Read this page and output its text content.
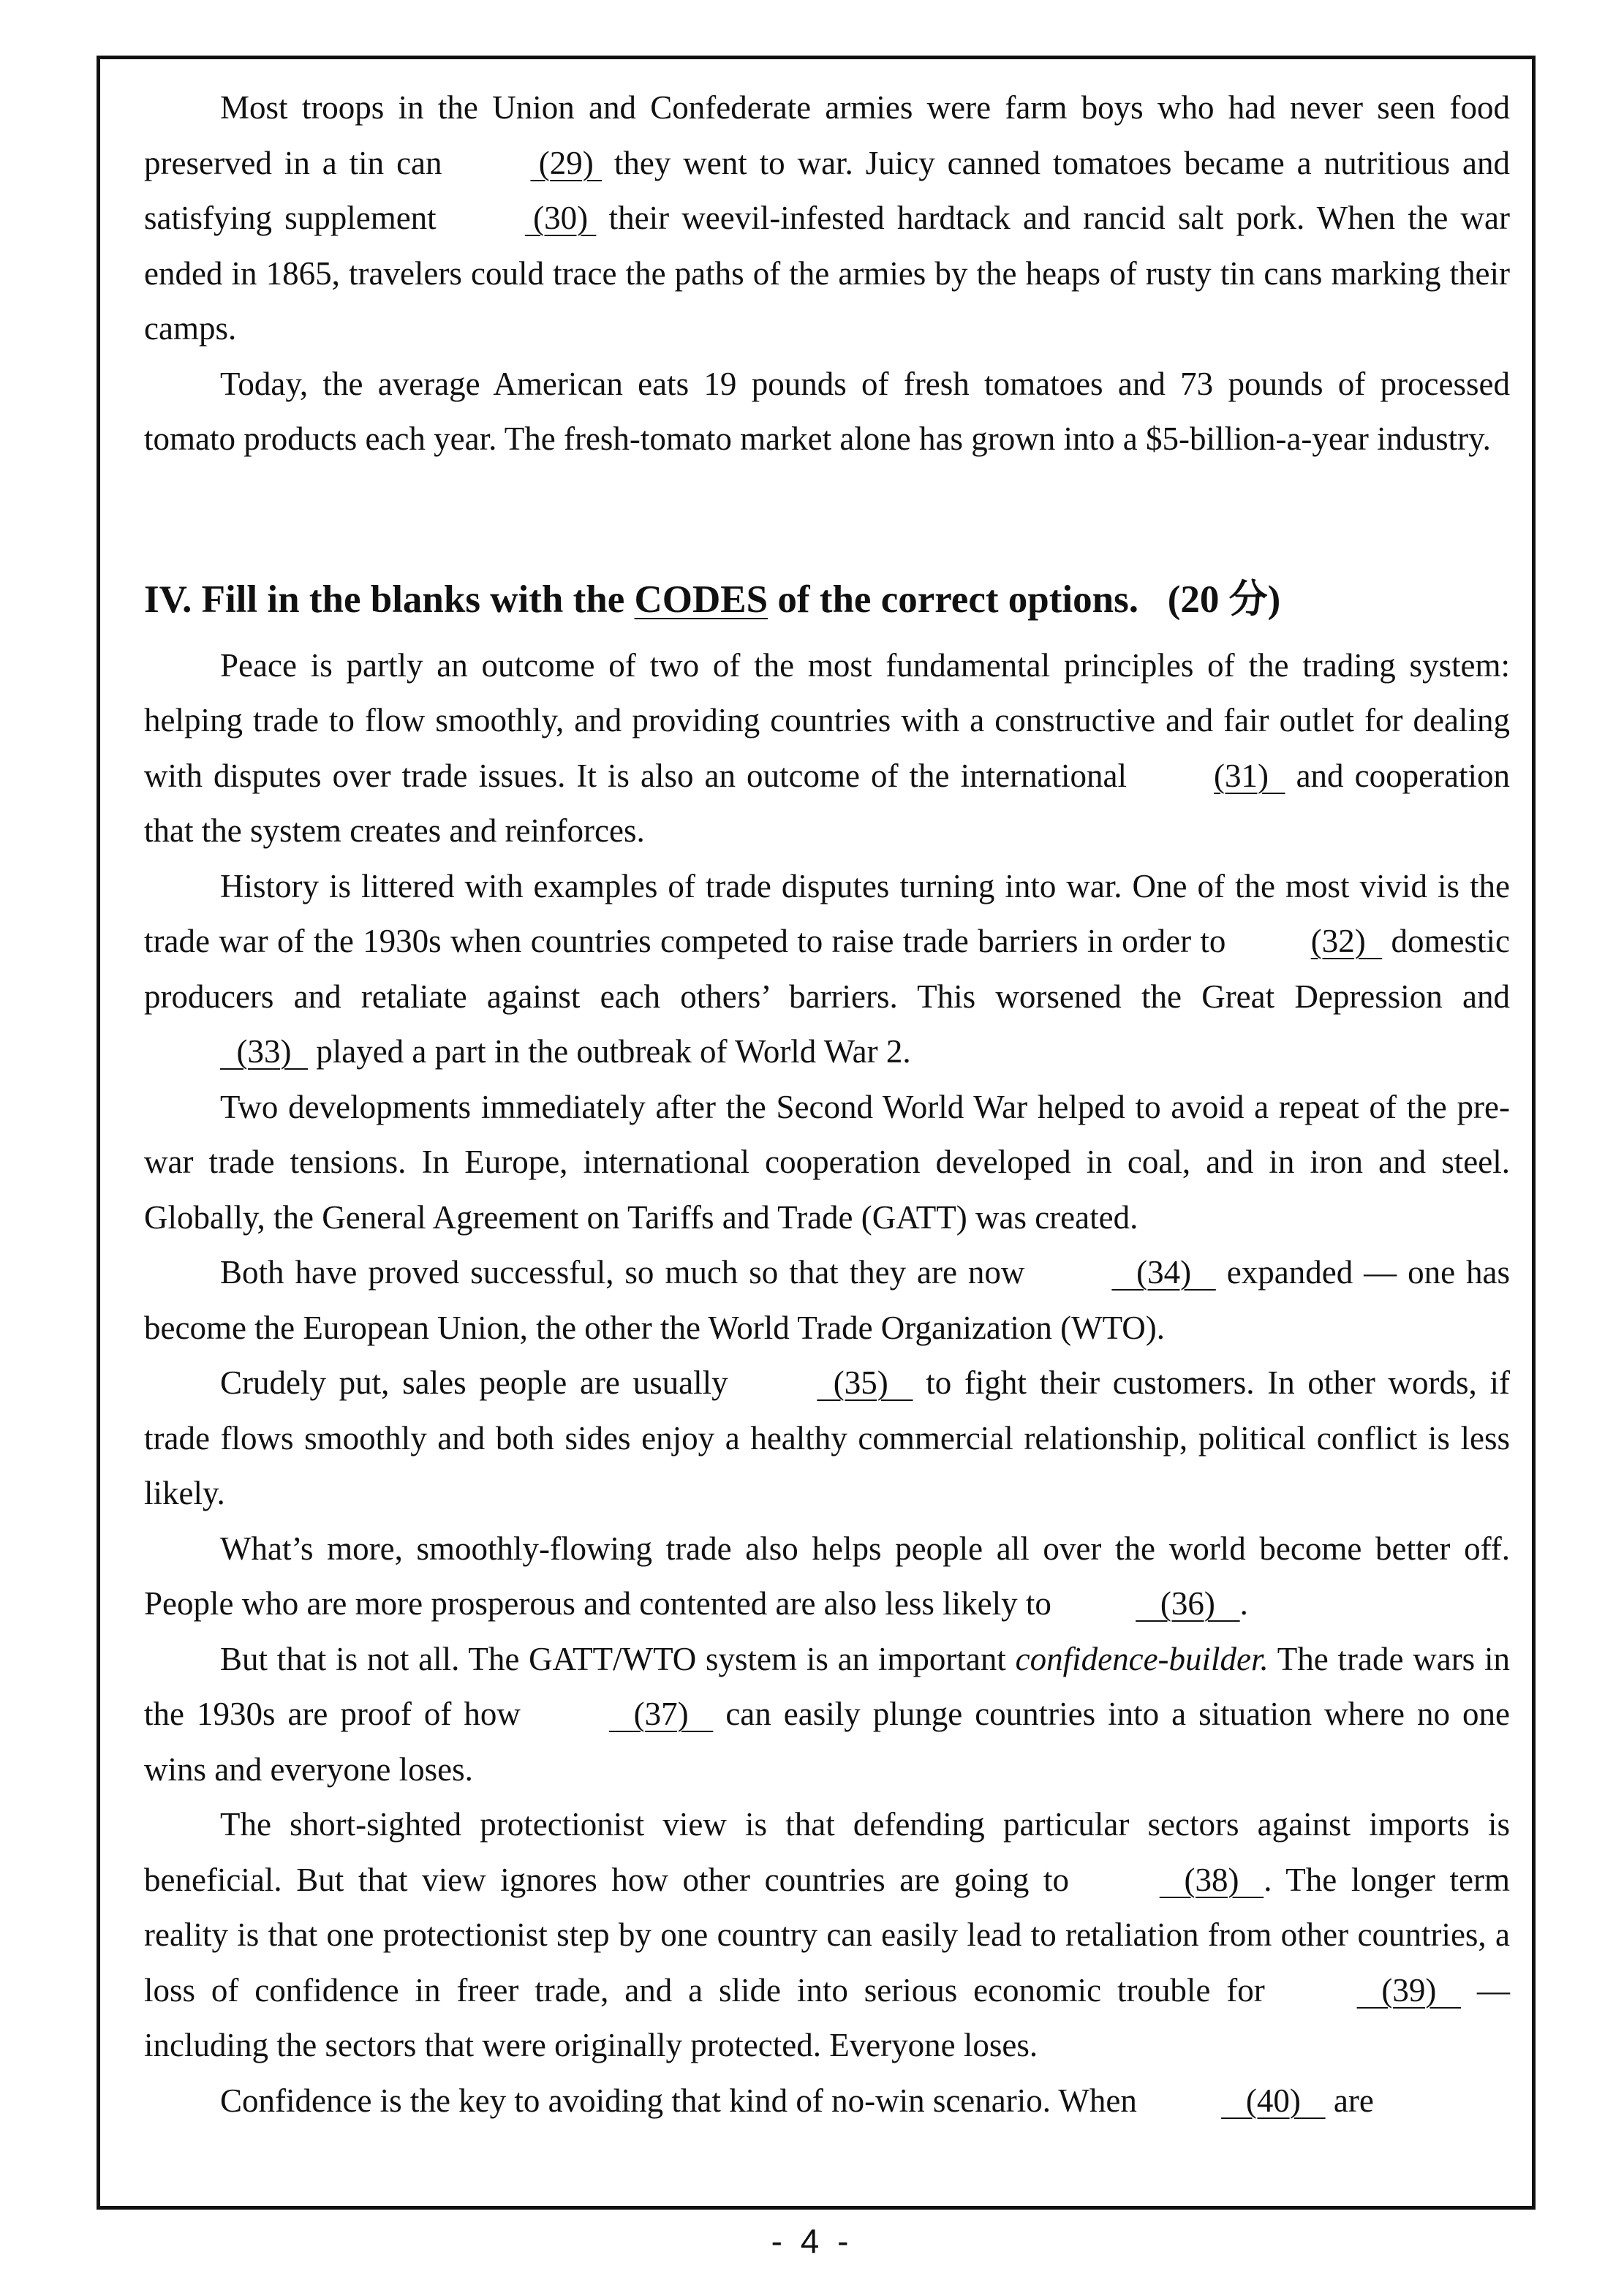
Most troops in the Union and Confederate armies were farm boys who had never seen food preserved in a tin can  (29)  they went to war. Juicy canned tomatoes became a nutritious and satisfying supplement  (30)  their weevil-infested hardtack and rancid salt pork. When the war ended in 1865, travelers could trace the paths of the armies by the heaps of rusty tin cans marking their camps.

Today, the average American eats 19 pounds of fresh tomatoes and 73 pounds of processed tomato products each year. The fresh-tomato market alone has grown into a $5-billion-a-year industry.

IV. Fill in the blanks with the CODES of the correct options. (20 分)

Peace is partly an outcome of two of the most fundamental principles of the trading system: helping trade to flow smoothly, and providing countries with a constructive and fair outlet for dealing with disputes over trade issues. It is also an outcome of the international (31)   and cooperation that the system creates and reinforces.

History is littered with examples of trade disputes turning into war. One of the most vivid is the trade war of the 1930s when countries competed to raise trade barriers in order to (32)   domestic producers and retaliate against each others’ barriers. This worsened the Great Depression and   (33)   played a part in the outbreak of World War 2.

Two developments immediately after the Second World War helped to avoid a repeat of the pre-war trade tensions. In Europe, international cooperation developed in coal, and in iron and steel. Globally, the General Agreement on Tariffs and Trade (GATT) was created.

Both have proved successful, so much so that they are now    (34)    expanded — one has become the European Union, the other the World Trade Organization (WTO).

Crudely put, sales people are usually   (35)    to fight their customers. In other words, if trade flows smoothly and both sides enjoy a healthy commercial relationship, political conflict is less likely.

What’s more, smoothly-flowing trade also helps people all over the world become better off. People who are more prosperous and contented are also less likely to    (36)   .

But that is not all. The GATT/WTO system is an important confidence-builder. The trade wars in the 1930s are proof of how    (37)    can easily plunge countries into a situation where no one wins and everyone loses.

The short-sighted protectionist view is that defending particular sectors against imports is beneficial. But that view ignores how other countries are going to    (38)   . The longer term reality is that one protectionist step by one country can easily lead to retaliation from other countries, a loss of confidence in freer trade, and a slide into serious economic trouble for    (39)    — including the sectors that were originally protected. Everyone loses.

Confidence is the key to avoiding that kind of no-win scenario. When    (40)    are

- 4 -
